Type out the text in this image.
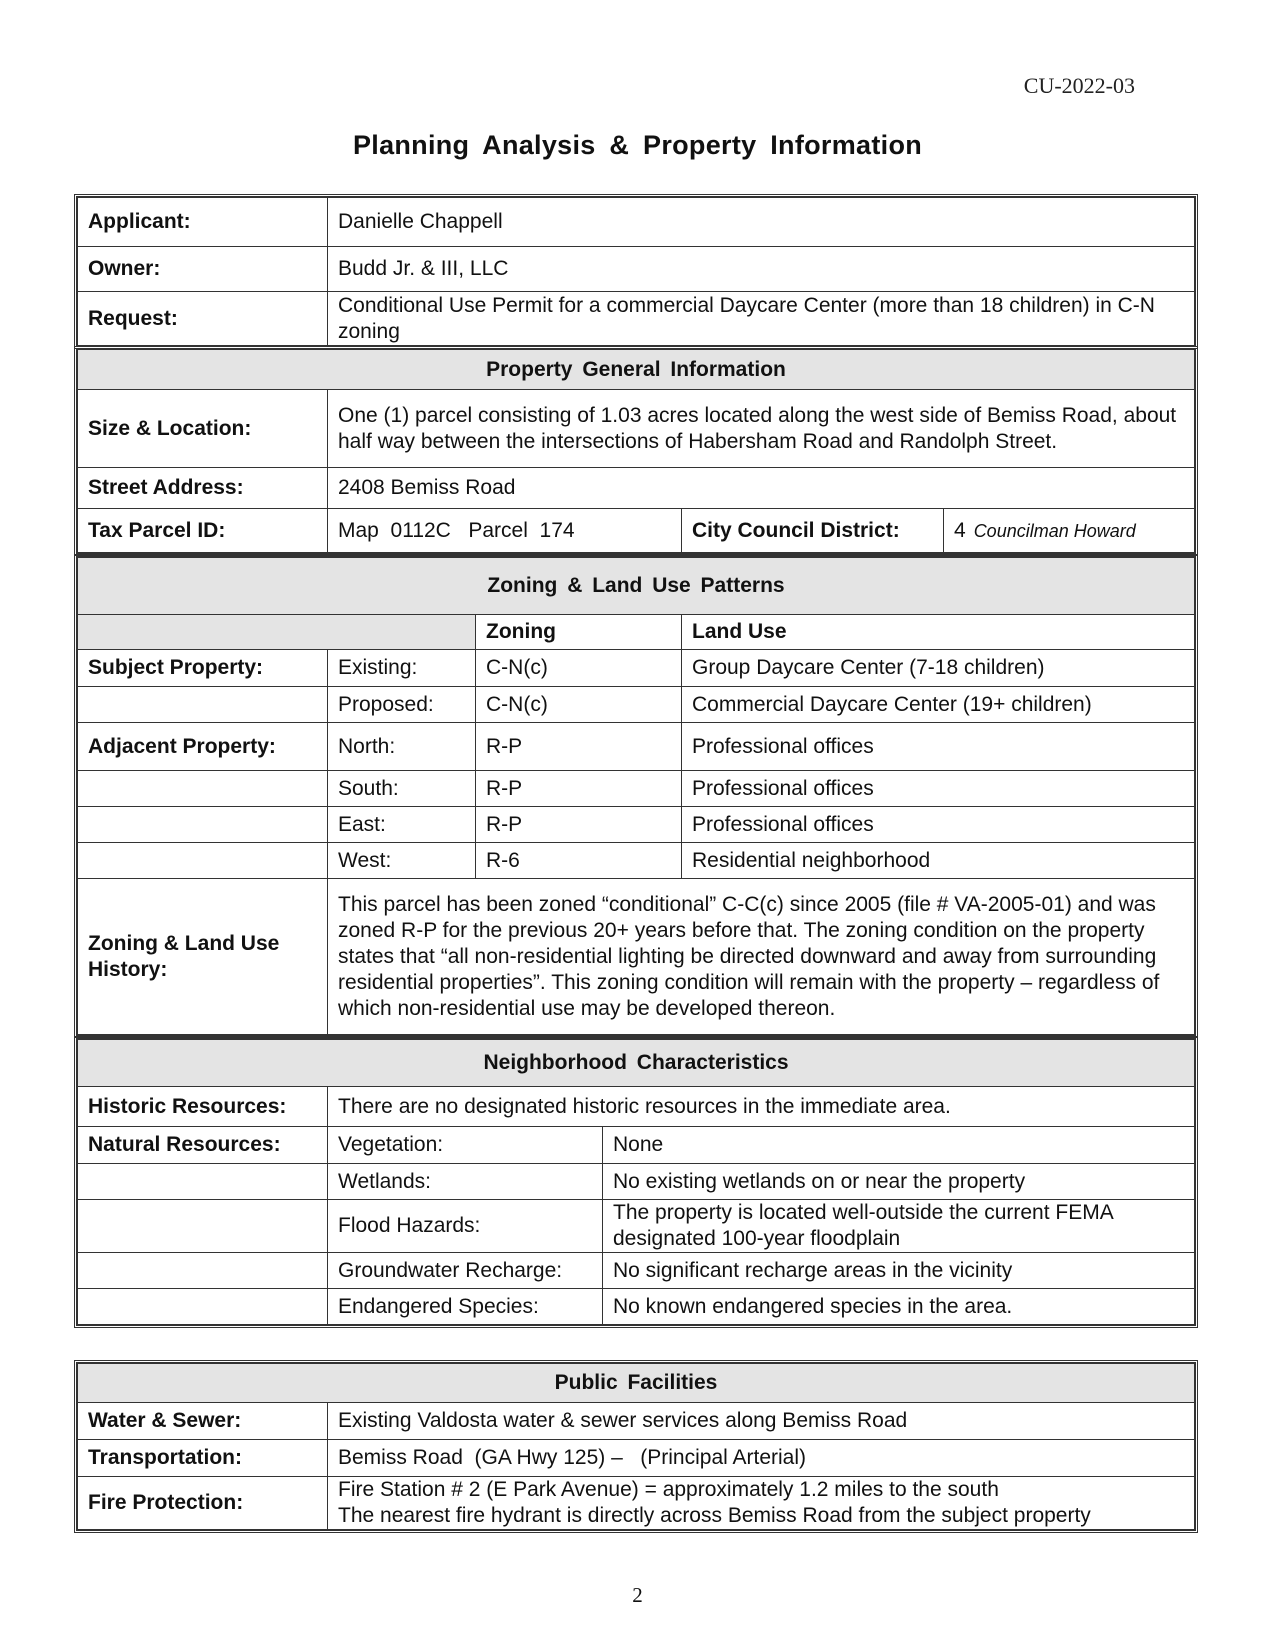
CU-2022-03
Planning Analysis & Property Information
Applicant:	Danielle Chappell
Owner:	Budd Jr. & III, LLC
Request:	Conditional Use Permit for a commercial Daycare Center (more than 18 children) in C-N zoning
Property General Information			
Size & Location:	One (1) parcel consisting of 1.03 acres located along the west side of Bemiss Road, about half way between the intersections of Habersham Road and Randolph Street.		
Street Address:	2408 Bemiss Road		
Tax Parcel ID:	Map  0112C   Parcel  174	City Council District:	4 Councilman Howard
Zoning & Land Use Patterns			
		Zoning	Land Use
Subject Property:	Existing:	C-N(c)	Group Daycare Center (7-18 children)
	Proposed:	C-N(c)	Commercial Daycare Center (19+ children)
Adjacent Property:	North:	R-P	Professional offices
	South:	R-P	Professional offices
	East:	R-P	Professional offices
	West:	R-6	Residential neighborhood
Zoning & Land Use History:	This parcel has been zoned “conditional” C-C(c) since 2005 (file # VA-2005-01) and was zoned R-P for the previous 20+ years before that. The zoning condition on the property states that “all non-residential lighting be directed downward and away from surrounding residential properties”. This zoning condition will remain with the property – regardless of which non-residential use may be developed thereon.		
Neighborhood Characteristics		
Historic Resources:	There are no designated historic resources in the immediate area.	
Natural Resources:	Vegetation:	None
	Wetlands:	No existing wetlands on or near the property
	Flood Hazards:	The property is located well-outside the current FEMA designated 100-year floodplain
	Groundwater Recharge:	No significant recharge areas in the vicinity
	Endangered Species:	No known endangered species in the area.
Public Facilities	
Water & Sewer:	Existing Valdosta water & sewer services along Bemiss Road
Transportation:	Bemiss Road  (GA Hwy 125) –   (Principal Arterial)
Fire Protection:	Fire Station # 2 (E Park Avenue) = approximately 1.2 miles to the south
The nearest fire hydrant is directly across Bemiss Road from the subject property
2
